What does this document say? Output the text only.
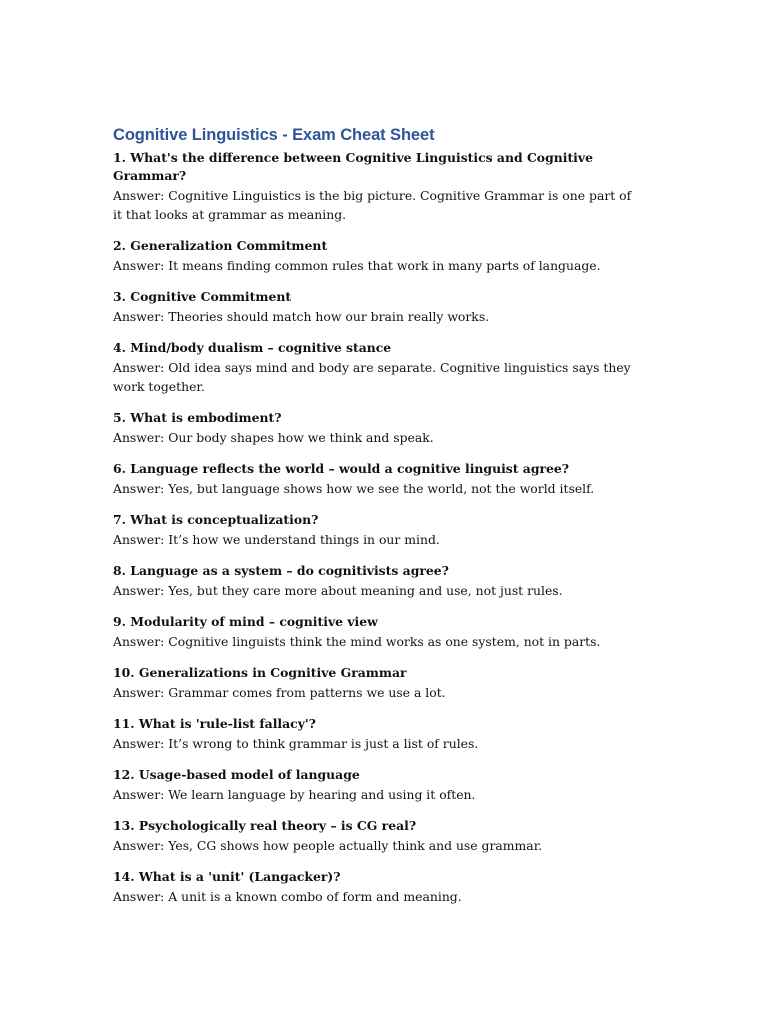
Cognitive Linguistics - Exam Cheat Sheet

1. What's the difference between Cognitive Linguistics and Cognitive Grammar?

Answer: Cognitive Linguistics is the big picture. Cognitive Grammar is one part of it that looks at grammar as meaning.

2. Generalization Commitment

Answer: It means finding common rules that work in many parts of language.

3. Cognitive Commitment

Answer: Theories should match how our brain really works.

4. Mind/body dualism – cognitive stance

Answer: Old idea says mind and body are separate. Cognitive linguistics says they work together.

5. What is embodiment?

Answer: Our body shapes how we think and speak.

6. Language reflects the world – would a cognitive linguist agree?

Answer: Yes, but language shows how we see the world, not the world itself.

7. What is conceptualization?

Answer: It’s how we understand things in our mind.

8. Language as a system – do cognitivists agree?

Answer: Yes, but they care more about meaning and use, not just rules.

9. Modularity of mind – cognitive view

Answer: Cognitive linguists think the mind works as one system, not in parts.

10. Generalizations in Cognitive Grammar

Answer: Grammar comes from patterns we use a lot.

11. What is 'rule-list fallacy'?

Answer: It’s wrong to think grammar is just a list of rules.

12. Usage-based model of language

Answer: We learn language by hearing and using it often.

13. Psychologically real theory – is CG real?

Answer: Yes, CG shows how people actually think and use grammar.

14. What is a 'unit' (Langacker)?

Answer: A unit is a known combo of form and meaning.
